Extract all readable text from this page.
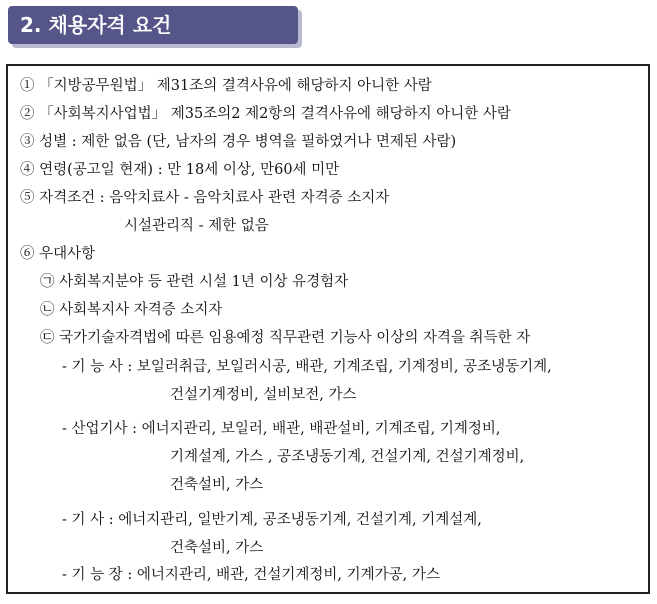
2. 채용자격 요건
① 「지방공무원법」 제31조의 결격사유에 해당하지 아니한 사람
② 「사회복지사업법」 제35조의2 제2항의 결격사유에 해당하지 아니한 사람
③ 성별 : 제한 없음 (단, 남자의 경우 병역을 필하였거나 면제된 사람)
④ 연령(공고일 현재) : 만 18세 이상, 만60세 미만
⑤ 자격조건 : 음악치료사 - 음악치료사 관련 자격증 소지자
시설관리직 - 제한 없음
⑥ 우대사항
㉠ 사회복지분야 등 관련 시설 1년 이상 유경험자
㉡ 사회복지사 자격증 소지자
㉢ 국가기술자격법에 따른 임용예정 직무관련 기능사 이상의 자격을 취득한 자
- 기 능 사 : 보일러취급, 보일러시공, 배관, 기계조립, 기계정비, 공조냉동기계,
건설기계정비, 설비보전, 가스
- 산업기사 : 에너지관리, 보일러, 배관, 배관설비, 기계조립, 기계정비,
기계설계, 가스 , 공조냉동기계, 건설기계, 건설기계정비,
건축설비, 가스
- 기 사 : 에너지관리, 일반기계, 공조냉동기계, 건설기계, 기계설계,
건축설비, 가스
- 기 능 장 : 에너지관리, 배관, 건설기계정비, 기계가공, 가스
